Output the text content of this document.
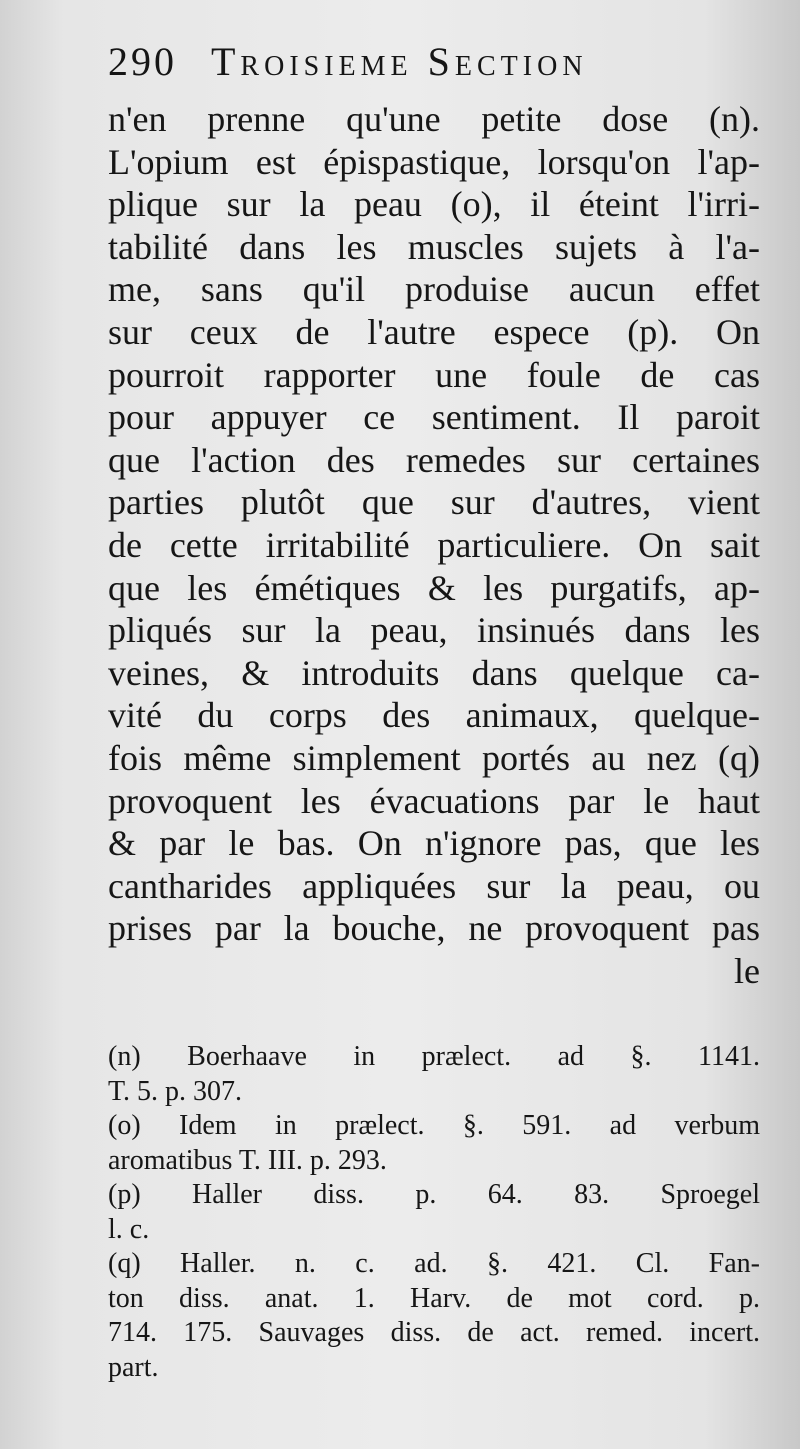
290 Troisieme Section
n'en prenne qu'une petite dose (n).
L'opium est épispastique, lorsqu'on l'ap-
plique sur la peau (o), il éteint l'irri-
tabilité dans les muscles sujets à l'a-
me, sans qu'il produise aucun effet
sur ceux de l'autre espece (p). On
pourroit rapporter une foule de cas
pour appuyer ce sentiment. Il paroit
que l'action des remedes sur certaines
parties plutôt que sur d'autres, vient
de cette irritabilité particuliere. On sait
que les émétiques & les purgatifs, ap-
pliqués sur la peau, insinués dans les
veines, & introduits dans quelque ca-
vité du corps des animaux, quelque-
fois même simplement portés au nez (q)
provoquent les évacuations par le haut
& par le bas. On n'ignore pas, que les
cantharides appliquées sur la peau, ou
prises par la bouche, ne provoquent pas
le
(n) Boerhaave in prælect. ad §. 1141.
T. 5. p. 307.
(o) Idem in prælect. §. 591. ad verbum
aromatibus T. III. p. 293.
(p) Haller diss. p. 64. 83. Sproegel
l. c.
(q) Haller. n. c. ad. §. 421. Cl. Fan-
ton diss. anat. 1. Harv. de mot cord. p.
714. 175. Sauvages diss. de act. remed. incert.
part.
